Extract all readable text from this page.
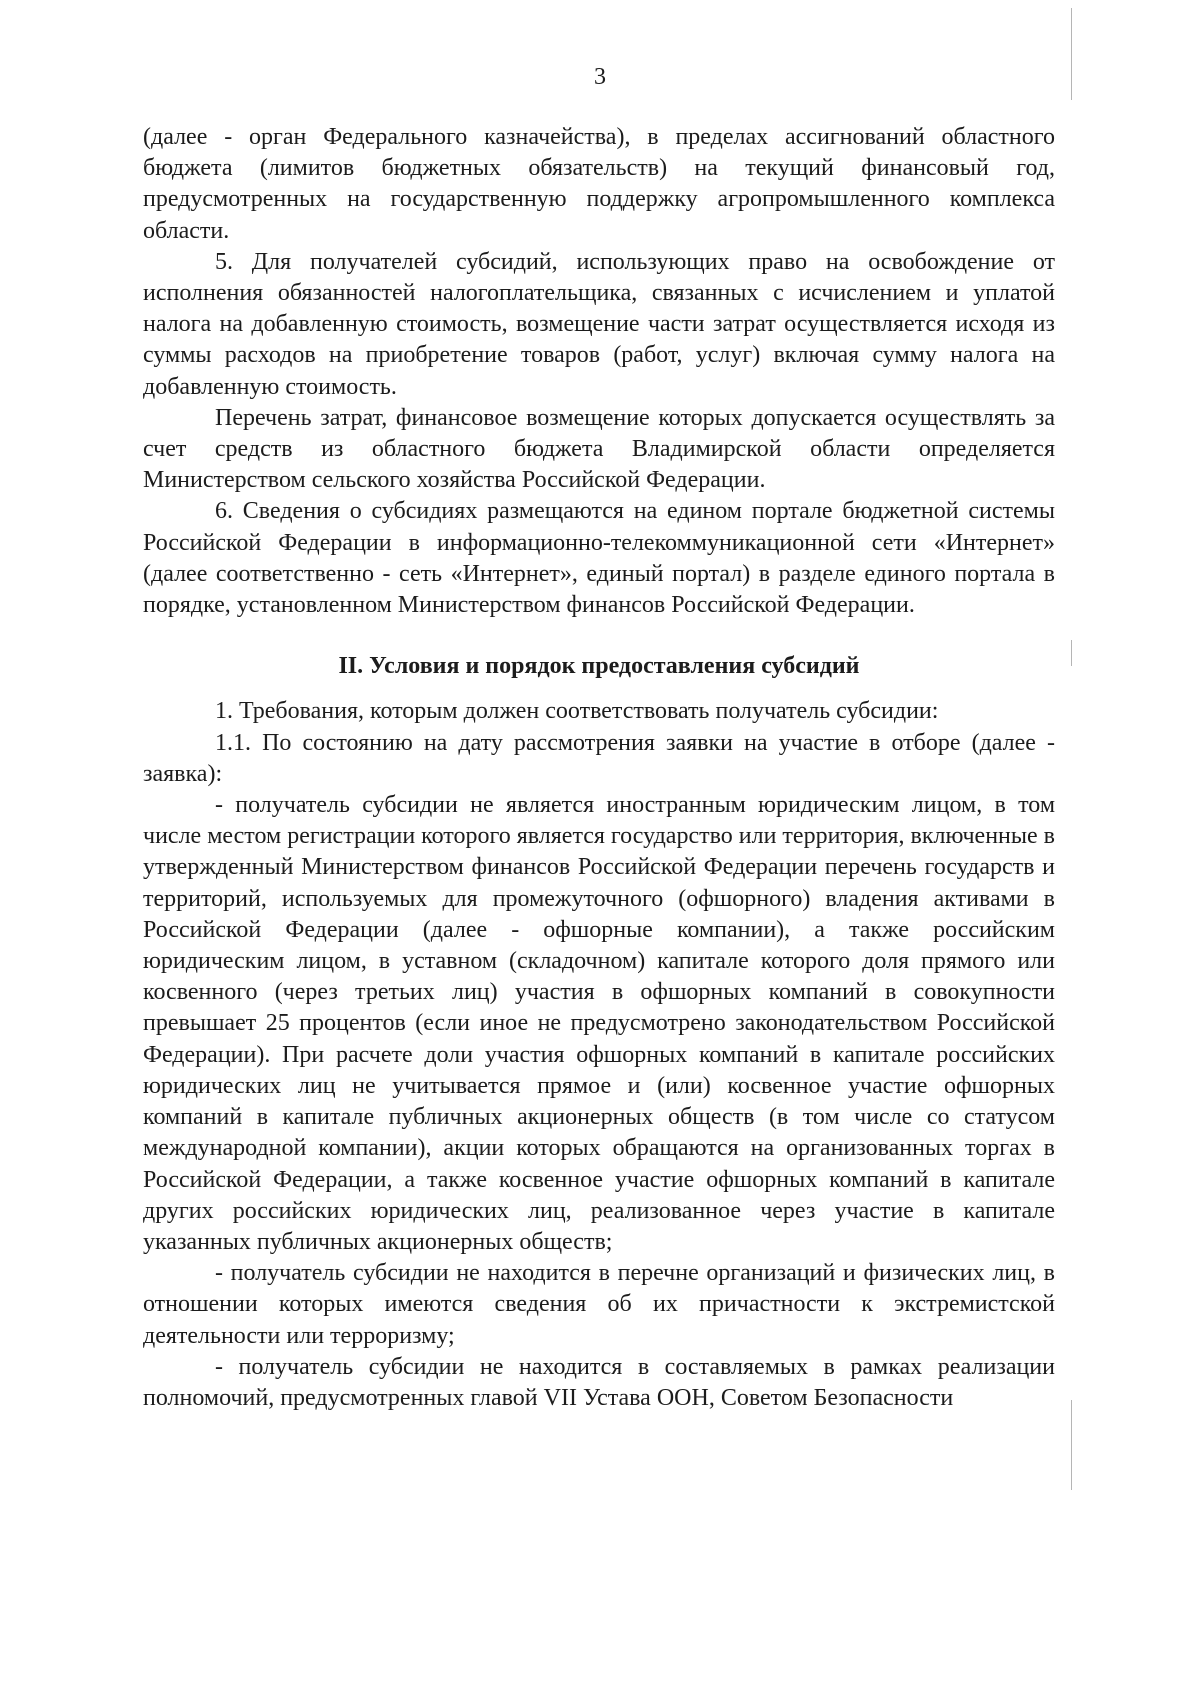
3

(далее - орган Федерального казначейства), в пределах ассигнований областного бюджета (лимитов бюджетных обязательств) на текущий финансовый год, предусмотренных на государственную поддержку агропромышленного комплекса области.

5. Для получателей субсидий, использующих право на освобождение от исполнения обязанностей налогоплательщика, связанных с исчислением и уплатой налога на добавленную стоимость, возмещение части затрат осуществляется исходя из суммы расходов на приобретение товаров (работ, услуг) включая сумму налога на добавленную стоимость.

Перечень затрат, финансовое возмещение которых допускается осуществлять за счет средств из областного бюджета Владимирской области определяется Министерством сельского хозяйства Российской Федерации.

6. Сведения о субсидиях размещаются на едином портале бюджетной системы Российской Федерации в информационно-телекоммуникационной сети «Интернет» (далее соответственно - сеть «Интернет», единый портал) в разделе единого портала в порядке, установленном Министерством финансов Российской Федерации.

II. Условия и порядок предоставления субсидий

1. Требования, которым должен соответствовать получатель субсидии:

1.1. По состоянию на дату рассмотрения заявки на участие в отборе (далее - заявка):

- получатель субсидии не является иностранным юридическим лицом, в том числе местом регистрации которого является государство или территория, включенные в утвержденный Министерством финансов Российской Федерации перечень государств и территорий, используемых для промежуточного (офшорного) владения активами в Российской Федерации (далее - офшорные компании), а также российским юридическим лицом, в уставном (складочном) капитале которого доля прямого или косвенного (через третьих лиц) участия в офшорных компаний в совокупности превышает 25 процентов (если иное не предусмотрено законодательством Российской Федерации). При расчете доли участия офшорных компаний в капитале российских юридических лиц не учитывается прямое и (или) косвенное участие офшорных компаний в капитале публичных акционерных обществ (в том числе со статусом международной компании), акции которых обращаются на организованных торгах в Российской Федерации, а также косвенное участие офшорных компаний в капитале других российских юридических лиц, реализованное через участие в капитале указанных публичных акционерных обществ;

- получатель субсидии не находится в перечне организаций и физических лиц, в отношении которых имеются сведения об их причастности к экстремистской деятельности или терроризму;

- получатель субсидии не находится в составляемых в рамках реализации полномочий, предусмотренных главой VII Устава ООН, Советом Безопасности
